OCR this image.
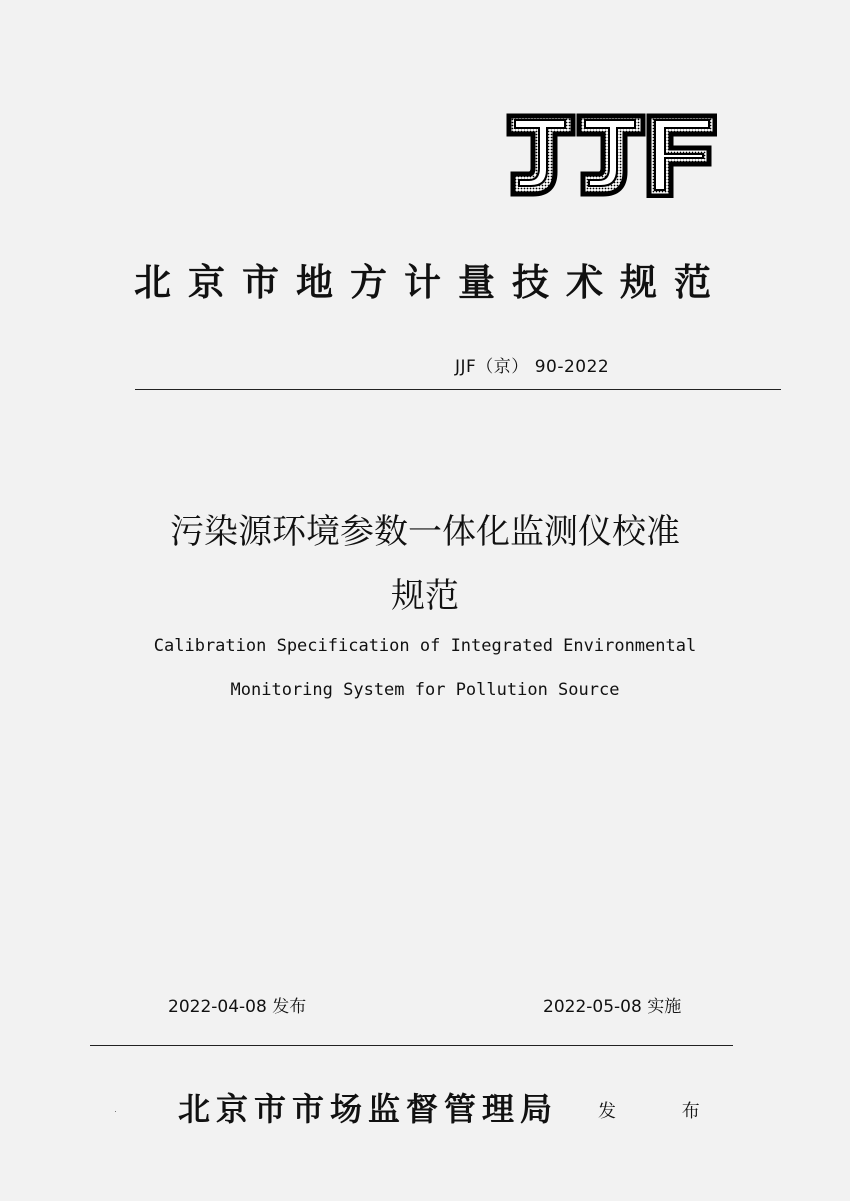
北京市地方计量技术规范
JJF（京） 90-2022
污染源环境参数一体化监测仪校准
规范
Calibration Specification of Integrated Environmental
Monitoring System for Pollution Source
2022-04-08 发布	2022-05-08 实施
北京市市场监督管理局 发 布
